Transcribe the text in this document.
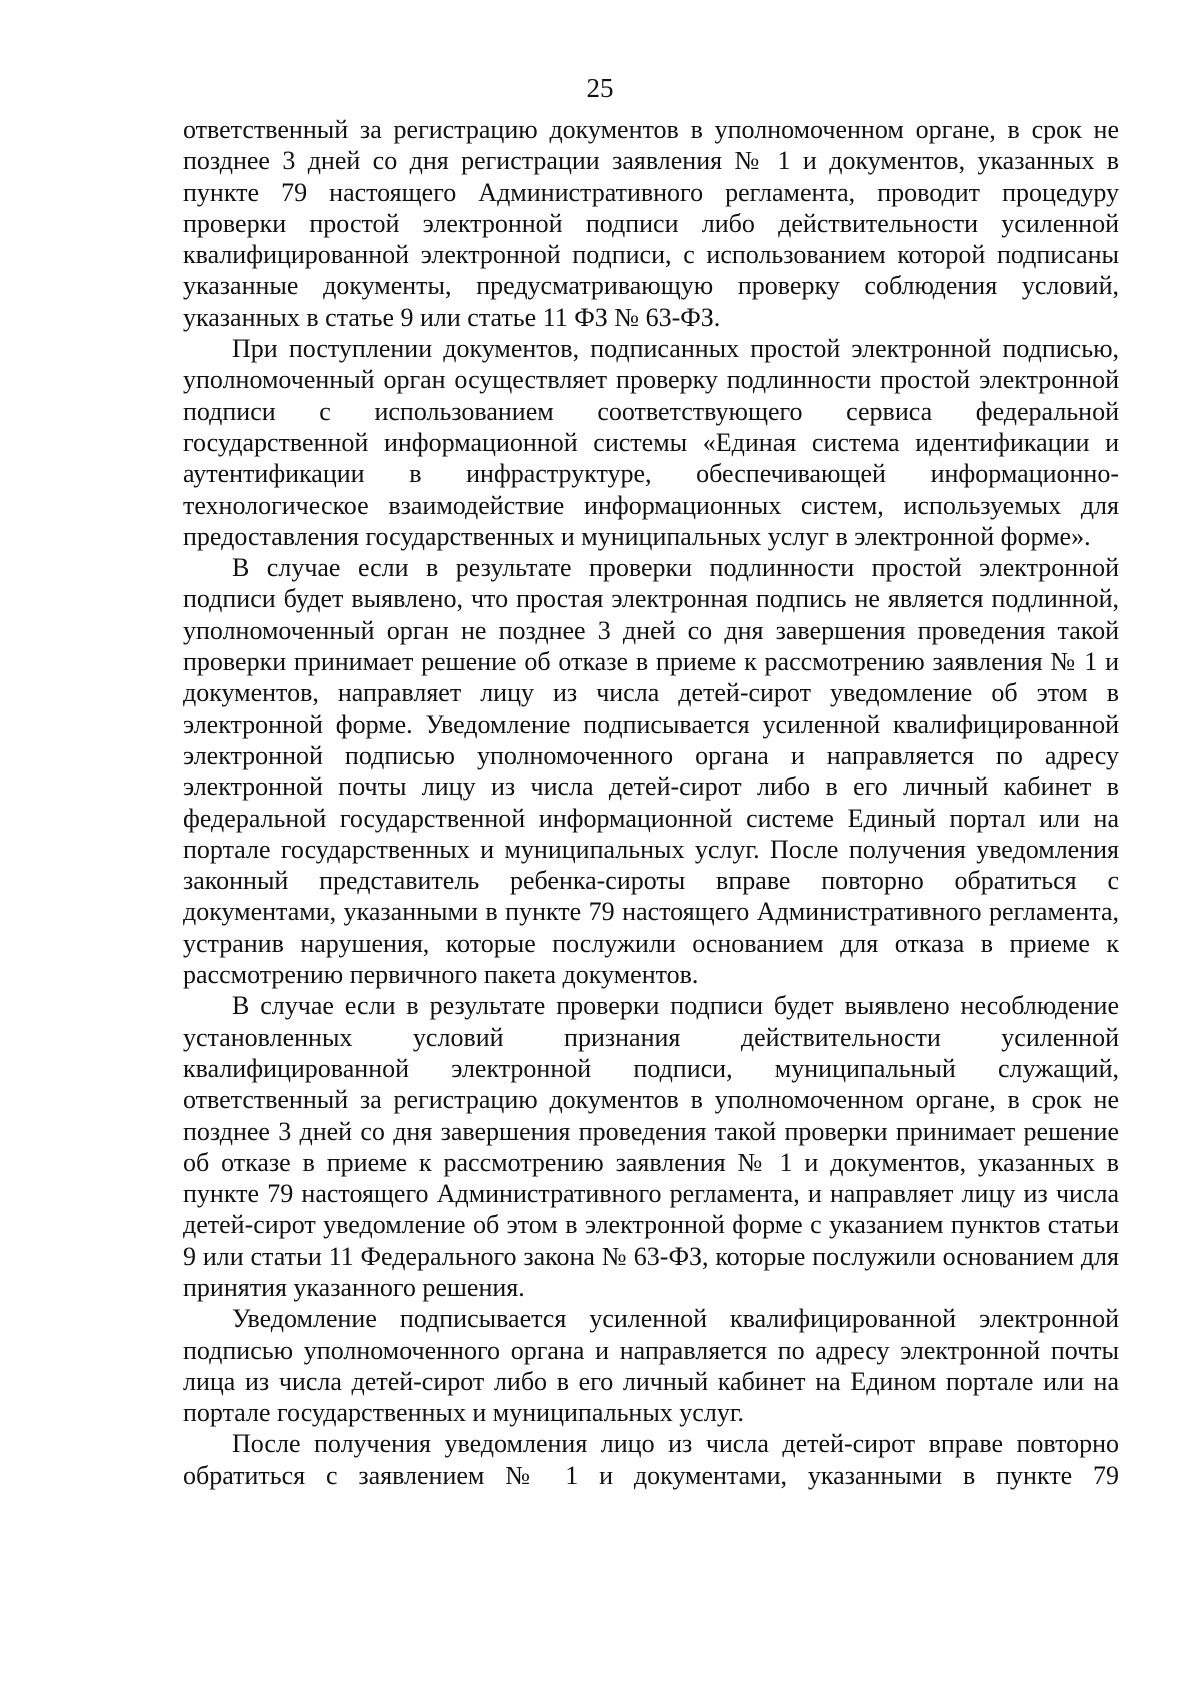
25

ответственный за регистрацию документов в уполномоченном органе, в срок не позднее 3 дней со дня регистрации заявления № 1 и документов, указанных в пункте 79 настоящего Административного регламента, проводит процедуру проверки простой электронной подписи либо действительности усиленной квалифицированной электронной подписи, с использованием которой подписаны указанные документы, предусматривающую проверку соблюдения условий, указанных в статье 9 или статье 11 ФЗ № 63-ФЗ.

При поступлении документов, подписанных простой электронной подписью, уполномоченный орган осуществляет проверку подлинности простой электронной подписи с использованием соответствующего сервиса федеральной государственной информационной системы «Единая система идентификации и аутентификации в инфраструктуре, обеспечивающей информационно-технологическое взаимодействие информационных систем, используемых для предоставления государственных и муниципальных услуг в электронной форме».

В случае если в результате проверки подлинности простой электронной подписи будет выявлено, что простая электронная подпись не является подлинной, уполномоченный орган не позднее 3 дней со дня завершения проведения такой проверки принимает решение об отказе в приеме к рассмотрению заявления № 1 и документов, направляет лицу из числа детей-сирот уведомление об этом в электронной форме. Уведомление подписывается усиленной квалифицированной электронной подписью уполномоченного органа и направляется по адресу электронной почты лицу из числа детей-сирот либо в его личный кабинет в федеральной государственной информационной системе Единый портал или на портале государственных и муниципальных услуг. После получения уведомления законный представитель ребенка-сироты вправе повторно обратиться с документами, указанными в пункте 79 настоящего Административного регламента, устранив нарушения, которые послужили основанием для отказа в приеме к рассмотрению первичного пакета документов.

В случае если в результате проверки подписи будет выявлено несоблюдение установленных условий признания действительности усиленной квалифицированной электронной подписи, муниципальный служащий, ответственный за регистрацию документов в уполномоченном органе, в срок не позднее 3 дней со дня завершения проведения такой проверки принимает решение об отказе в приеме к рассмотрению заявления № 1 и документов, указанных в пункте 79 настоящего Административного регламента, и направляет лицу из числа детей-сирот уведомление об этом в электронной форме с указанием пунктов статьи 9 или статьи 11 Федерального закона № 63-ФЗ, которые послужили основанием для принятия указанного решения.

Уведомление подписывается усиленной квалифицированной электронной подписью уполномоченного органа и направляется по адресу электронной почты лица из числа детей-сирот либо в его личный кабинет на Едином портале или на портале государственных и муниципальных услуг.

После получения уведомления лицо из числа детей-сирот вправе повторно обратиться с заявлением № 1 и документами, указанными в пункте 79
